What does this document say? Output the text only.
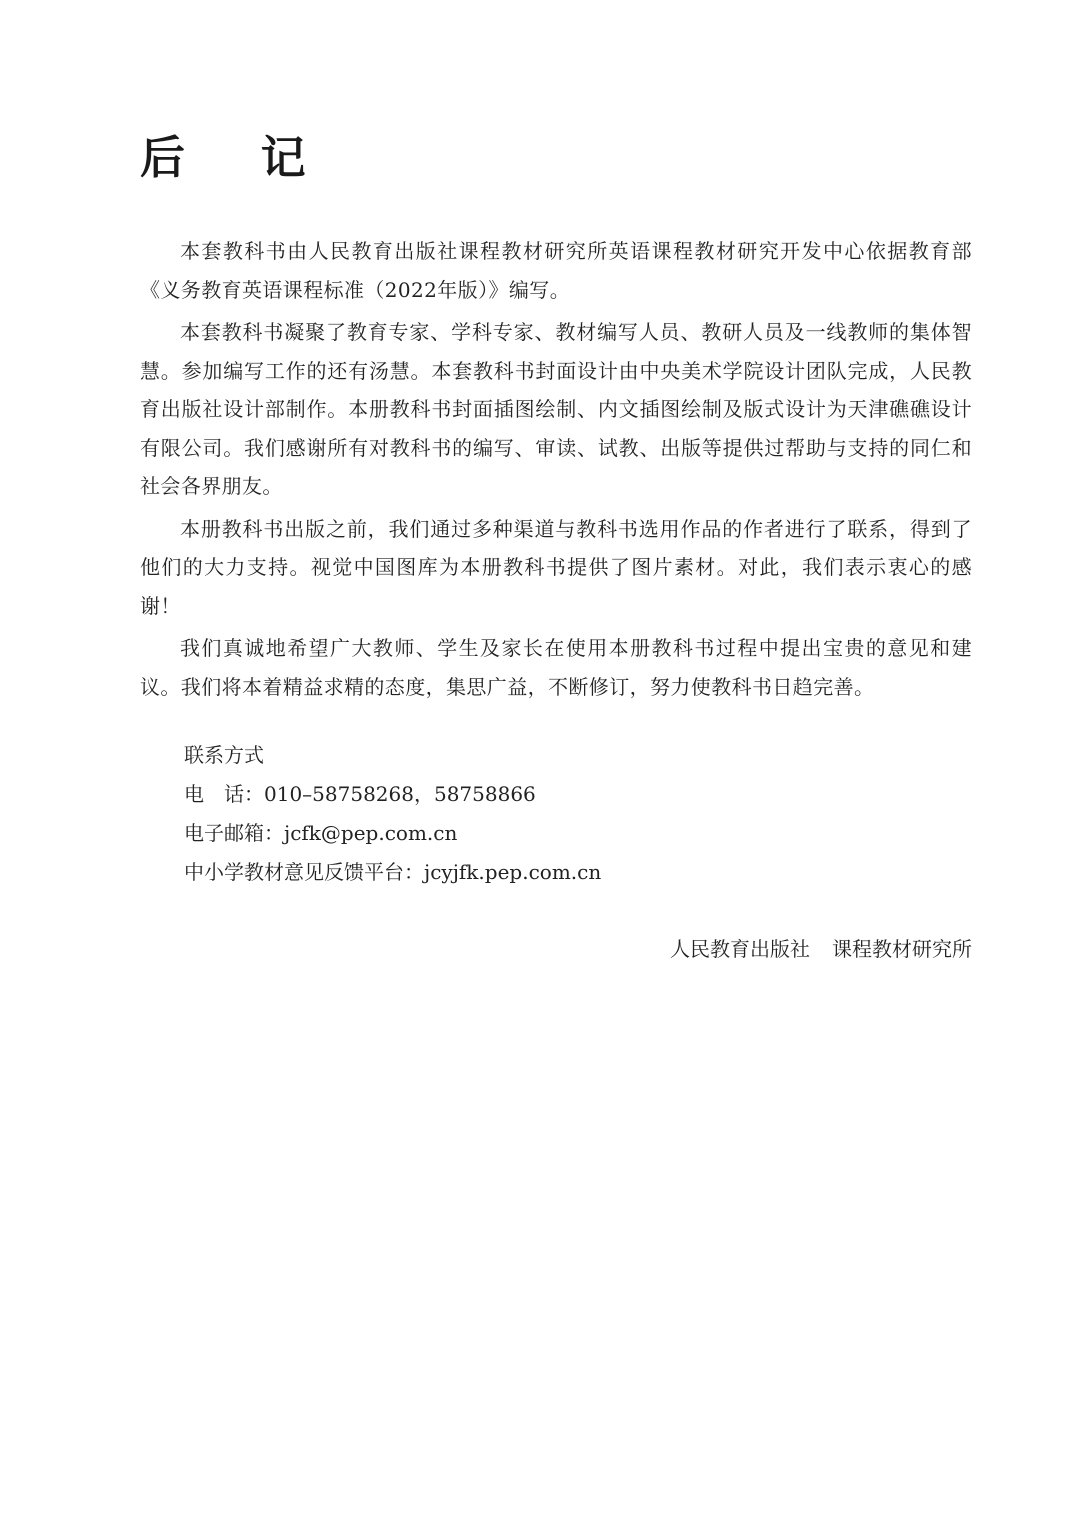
后 记

本套教科书由人民教育出版社课程教材研究所英语课程教材研究开发中心依据教育部《义务教育英语课程标准（2022年版）》编写。

本套教科书凝聚了教育专家、学科专家、教材编写人员、教研人员及一线教师的集体智慧。参加编写工作的还有汤慧。本套教科书封面设计由中央美术学院设计团队完成，人民教育出版社设计部制作。本册教科书封面插图绘制、内文插图绘制及版式设计为天津礁礁设计有限公司。我们感谢所有对教科书的编写、审读、试教、出版等提供过帮助与支持的同仁和社会各界朋友。

本册教科书出版之前，我们通过多种渠道与教科书选用作品的作者进行了联系，得到了他们的大力支持。视觉中国图库为本册教科书提供了图片素材。对此，我们表示衷心的感谢！

我们真诚地希望广大教师、学生及家长在使用本册教科书过程中提出宝贵的意见和建议。我们将本着精益求精的态度，集思广益，不断修订，努力使教科书日趋完善。

联系方式
电　话：010–58758268，58758866
电子邮箱：jcfk@pep.com.cn
中小学教材意见反馈平台：jcyjfk.pep.com.cn
人民教育出版社 课程教材研究所
